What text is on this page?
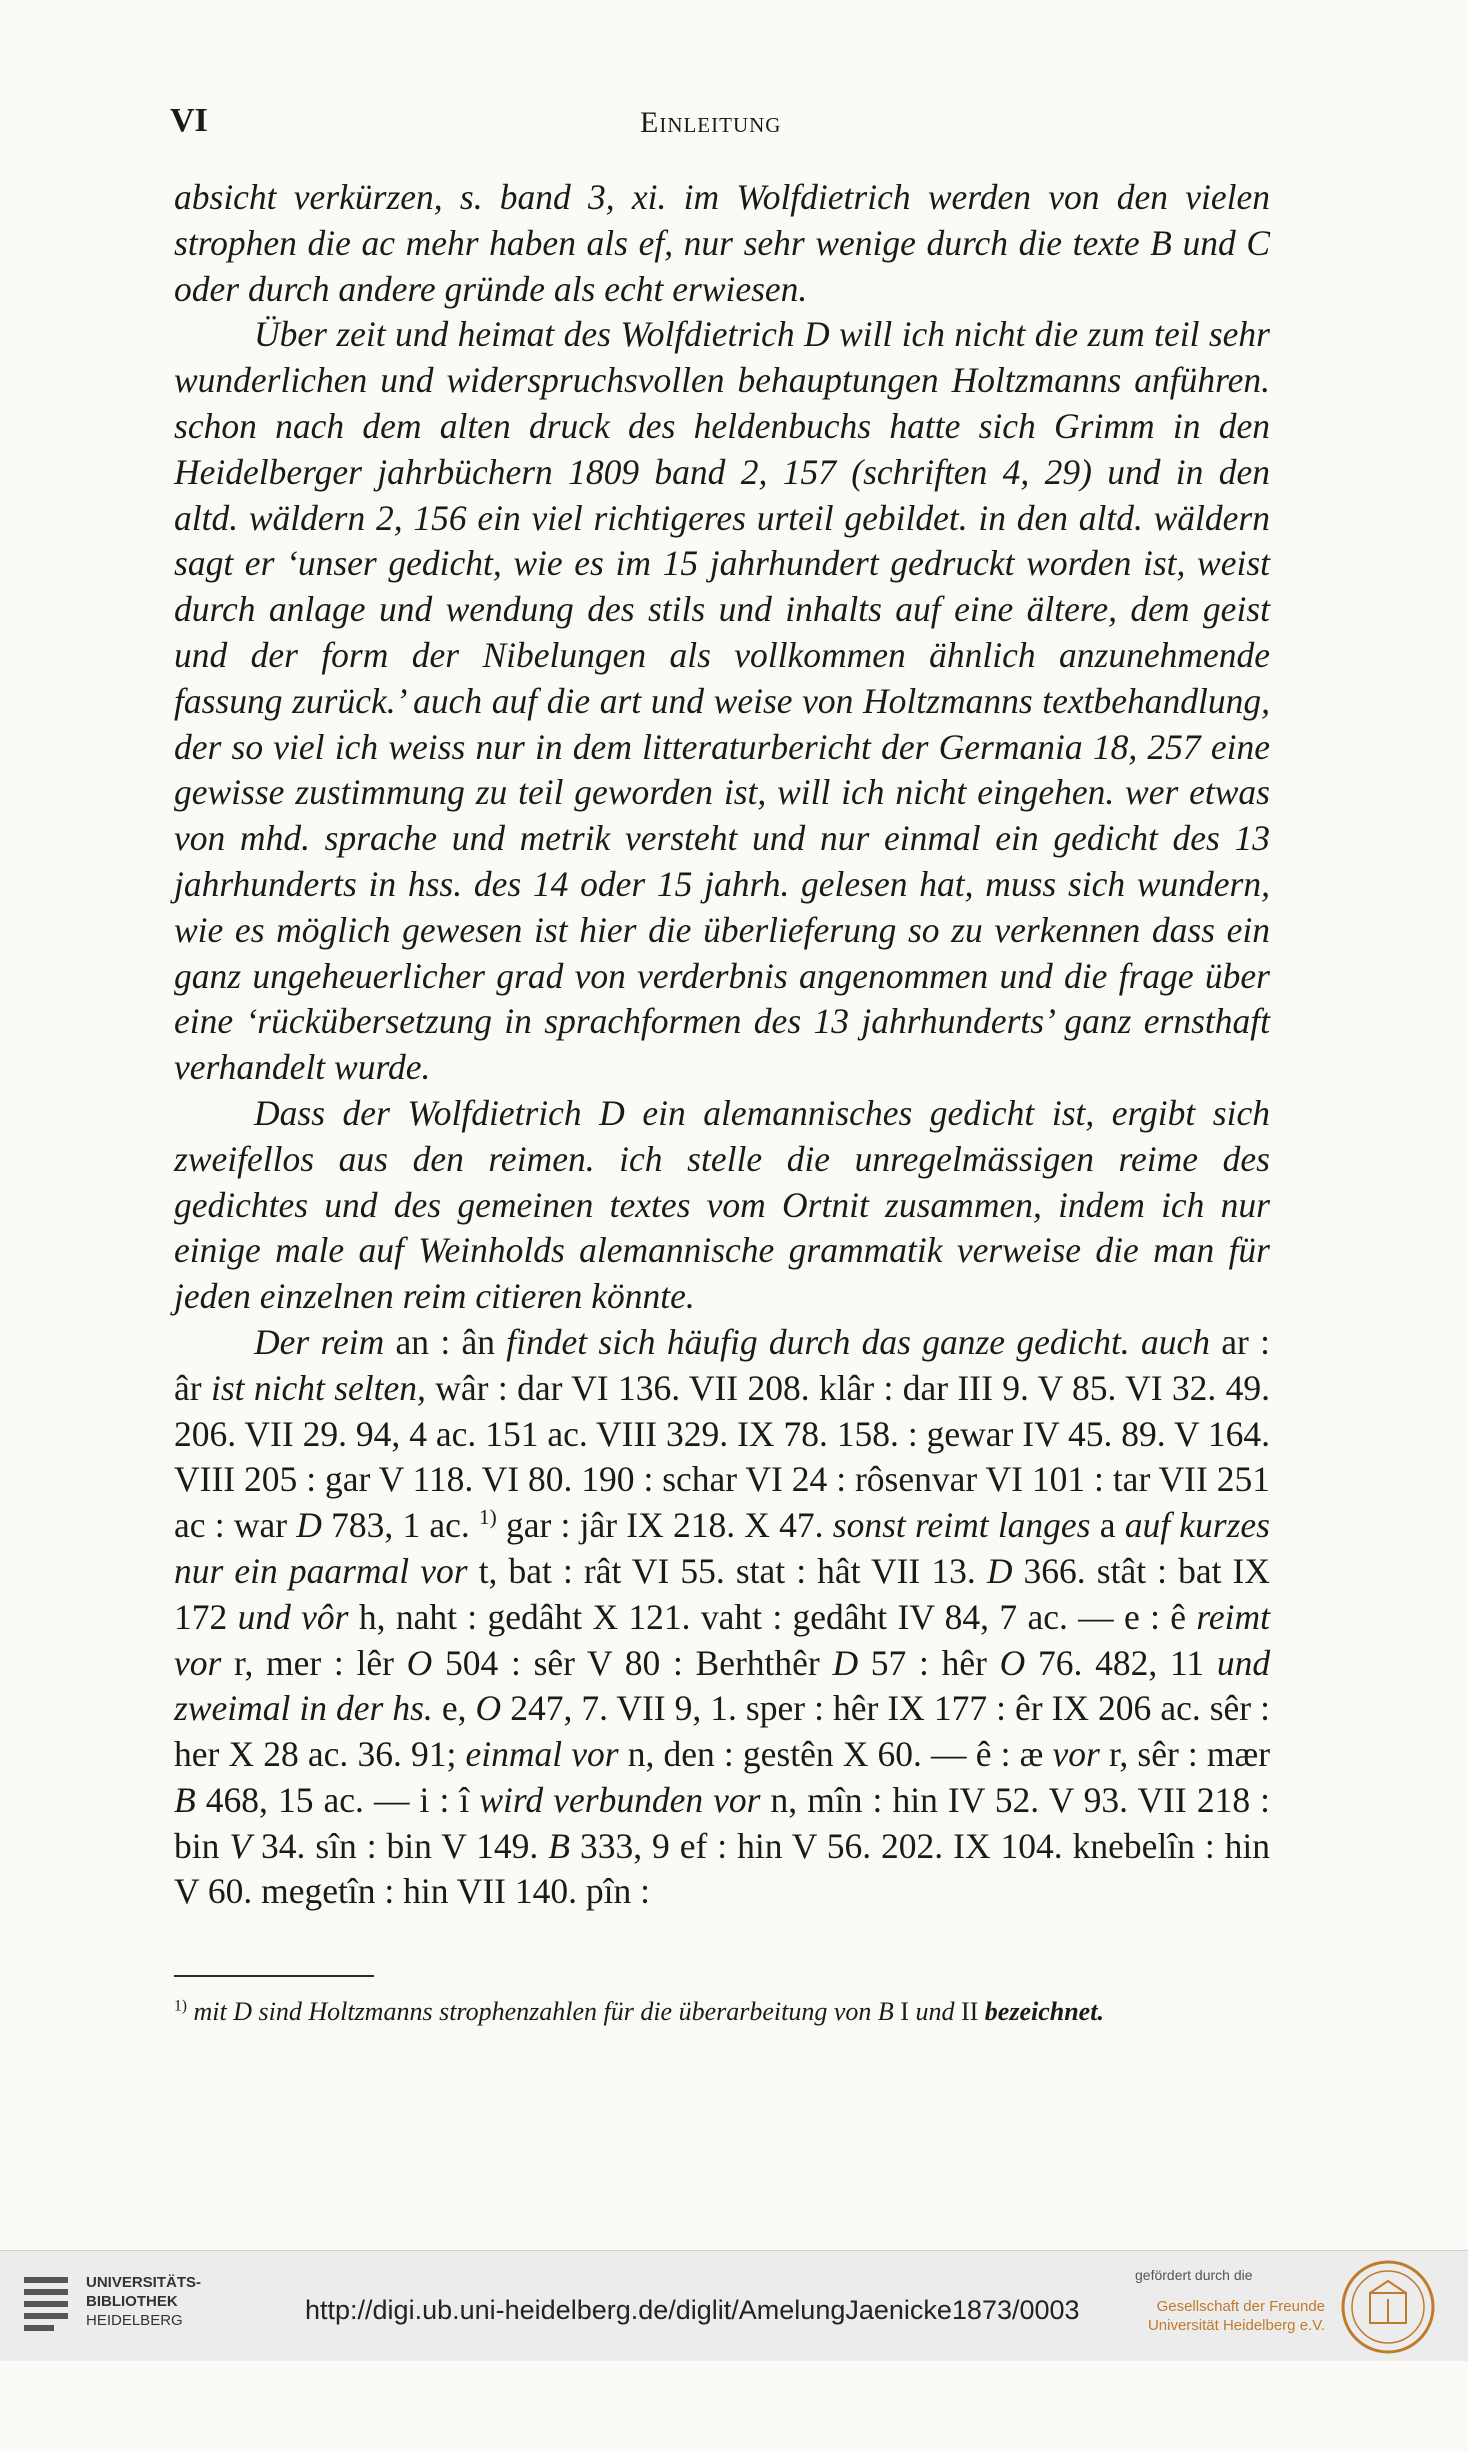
VI	Einleitung

absicht verkürzen, s. band 3, xi. im Wolfdietrich werden von den vielen strophen die ac mehr haben als ef, nur sehr wenige durch die texte B und C oder durch andere gründe als echt erwiesen.

Über zeit und heimat des Wolfdietrich D will ich nicht die zum teil sehr wunderlichen und widerspruchsvollen behauptungen Holtzmanns anführen. schon nach dem alten druck des heldenbuchs hatte sich Grimm in den Heidelberger jahrbüchern 1809 band 2, 157 (schriften 4, 29) und in den altd. wäldern 2, 156 ein viel richtigeres urteil gebildet. in den altd. wäldern sagt er ‘unser gedicht, wie es im 15 jahrhundert gedruckt worden ist, weist durch anlage und wendung des stils und inhalts auf eine ältere, dem geist und der form der Nibelungen als vollkommen ähnlich anzunehmende fassung zurück.’ auch auf die art und weise von Holtzmanns textbehandlung, der so viel ich weiss nur in dem litteraturbericht der Germania 18, 257 eine gewisse zustimmung zu teil geworden ist, will ich nicht eingehen. wer etwas von mhd. sprache und metrik versteht und nur einmal ein gedicht des 13 jahrhunderts in hss. des 14 oder 15 jahrh. gelesen hat, muss sich wundern, wie es möglich gewesen ist hier die überlieferung so zu verkennen dass ein ganz ungeheuerlicher grad von verderbnis angenommen und die frage über eine ‘rückübersetzung in sprachformen des 13 jahrhunderts’ ganz ernsthaft verhandelt wurde.

Dass der Wolfdietrich D ein alemannisches gedicht ist, ergibt sich zweifellos aus den reimen. ich stelle die unregelmässigen reime des gedichtes und des gemeinen textes vom Ortnit zusammen, indem ich nur einige male auf Weinholds alemannische grammatik verweise die man für jeden einzelnen reim citieren könnte.

Der reim an : ân findet sich häufig durch das ganze gedicht. auch ar : âr ist nicht selten, wâr : dar VI 136. VII 208. klâr : dar III 9. V 85. VI 32. 49. 206. VII 29. 94, 4 ac. 151 ac. VIII 329. IX 78. 158. : gewar IV 45. 89. V 164. VIII 205 : gar V 118. VI 80. 190 : schar VI 24 : rôsenvar VI 101 : tar VII 251 ac : war D 783, 1 ac. $^{1)}$ gar : jâr IX 218. X 47. sonst reimt langes a auf kurzes nur ein paarmal vor t, bat : rât VI 55. stat : hât VII 13. D 366. stât : bat IX 172 und vôr h, naht : gedâht X 121. vaht : gedâht IV 84, 7 ac. — e : ê reimt vor r, mer : lêr O 504 : sêr V 80 : Berhthêr D 57 : hêr O 76. 482, 11 und zweimal in der hs. e, O 247, 7. VII 9, 1. sper : hêr IX 177 : êr IX 206 ac. sêr : her X 28 ac. 36. 91; einmal vor n, den : gestên X 60. — ê : æ vor r, sêr : mær B 468, 15 ac. — i : î wird verbunden vor n, mîn : hin IV 52. V 93. VII 218 : bin V 34. sîn : bin V 149. B 333, 9 ef : hin V 56. 202. IX 104. knebelîn : hin V 60. megetîn : hin VII 140. pîn :

$^{1)}$ mit D sind Holtzmanns strophenzahlen für die überarbeitung von B I und II bezeichnet.
UNIVERSITÄTS-
BIBLIOTHEK
HEIDELBERG	http://digi.ub.uni-heidelberg.de/diglit/AmelungJaenicke1873/0003
gefördert durch die
Gesellschaft der Freunde
Universität Heidelberg e.V.
